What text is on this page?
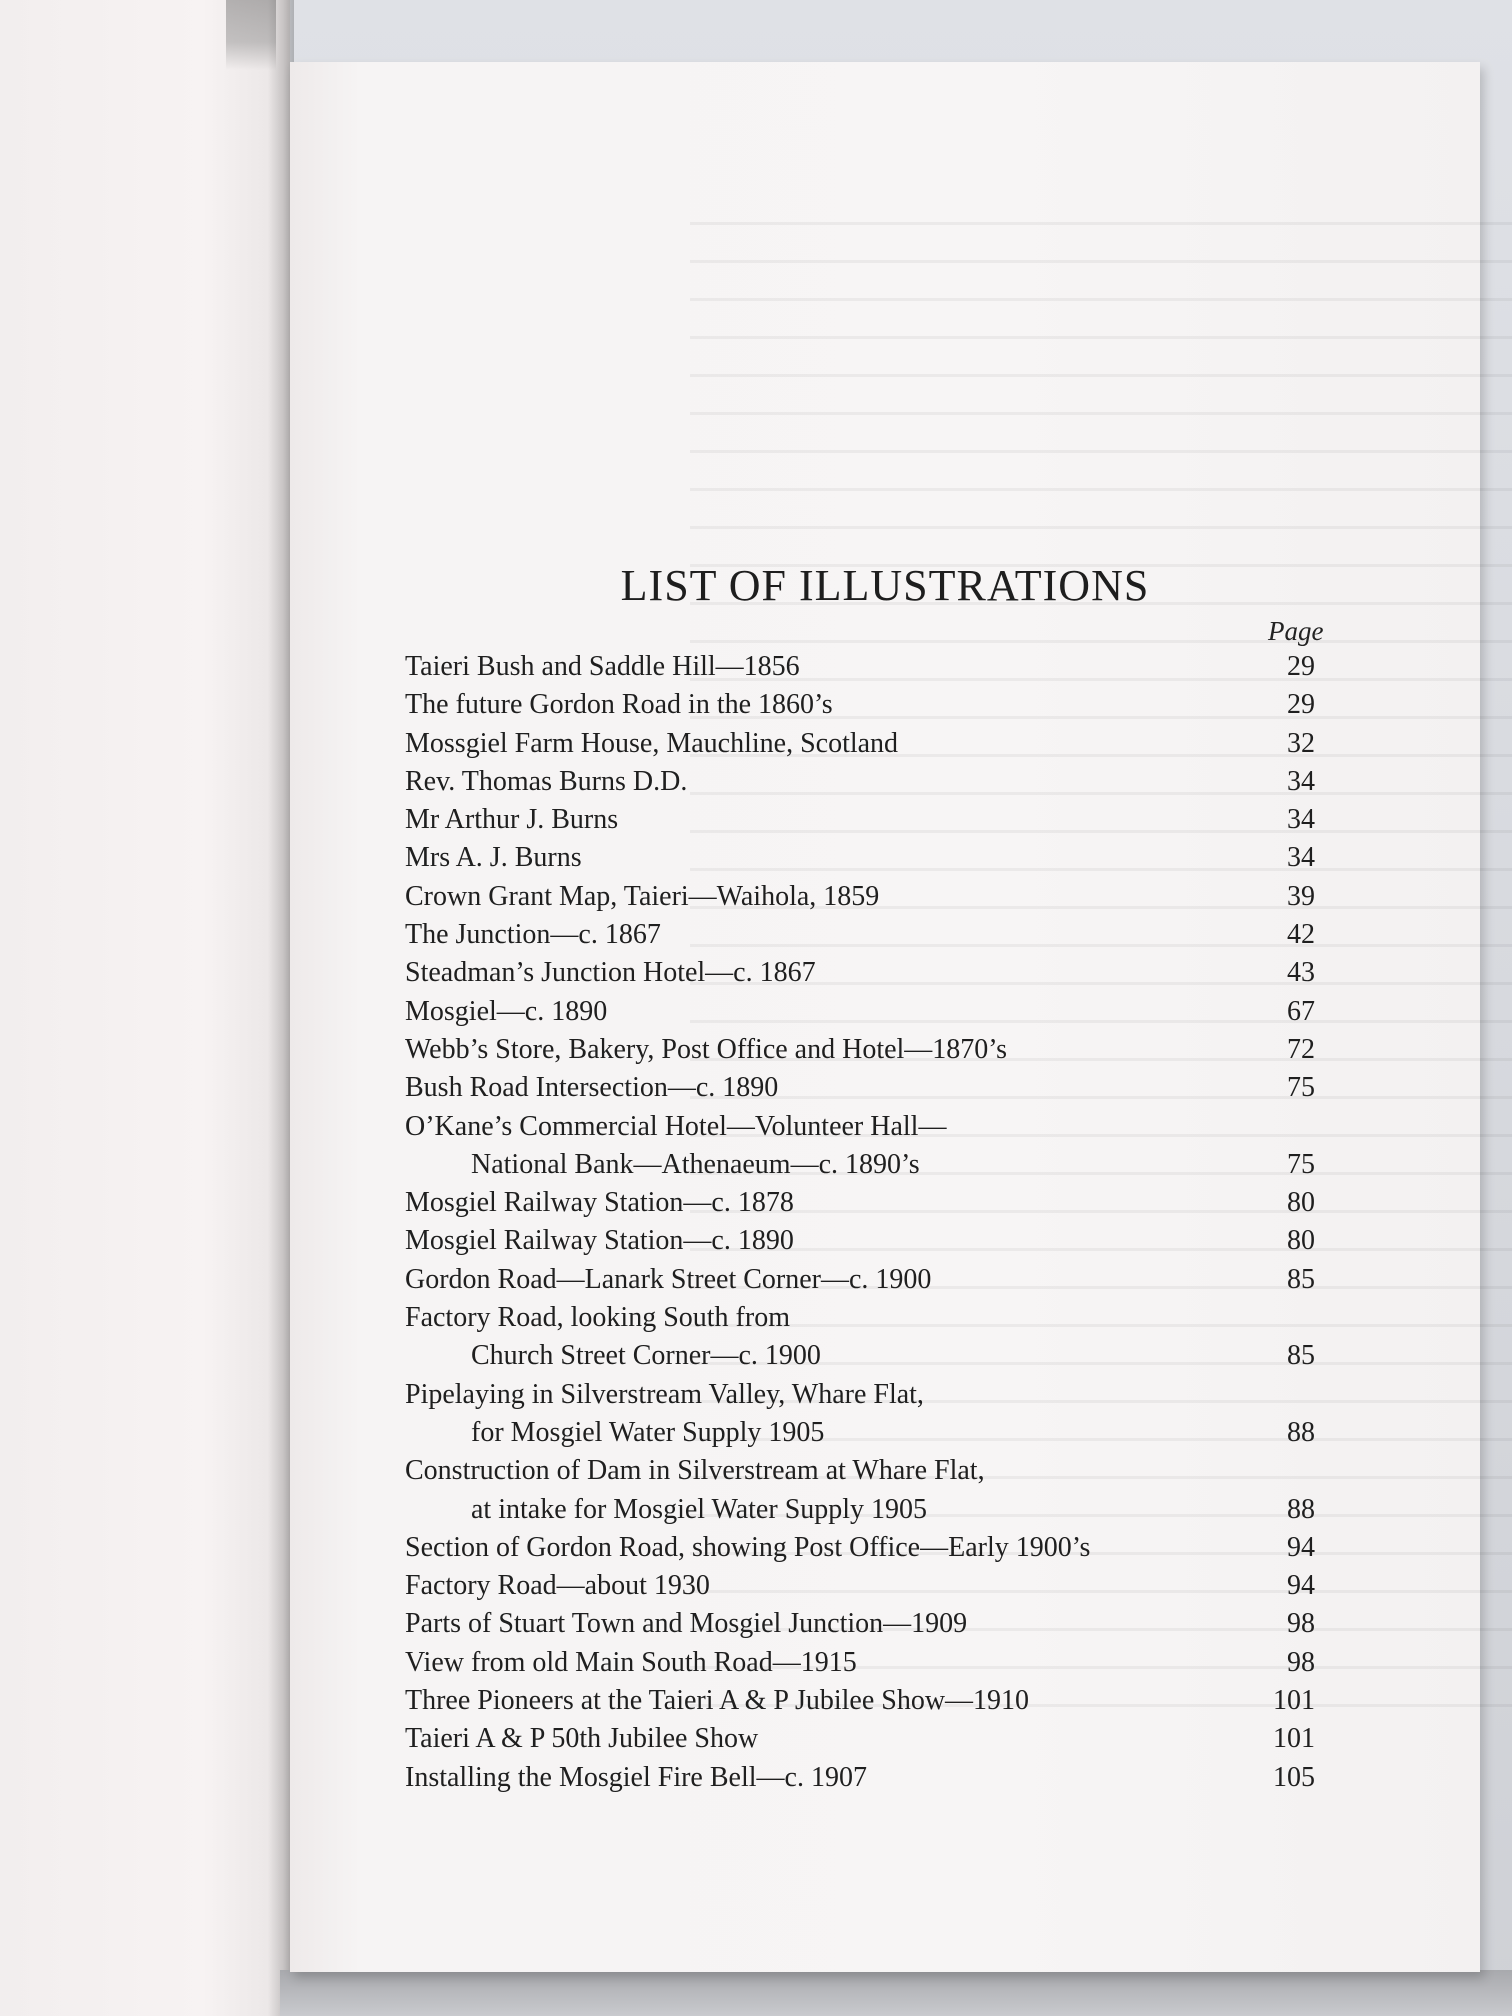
LIST OF ILLUSTRATIONS
Page
Taieri Bush and Saddle Hill—1856	29
The future Gordon Road in the 1860’s	29
Mossgiel Farm House, Mauchline, Scotland	32
Rev. Thomas Burns D.D.	34
Mr Arthur J. Burns	34
Mrs A. J. Burns	34
Crown Grant Map, Taieri—Waihola, 1859	39
The Junction—c. 1867	42
Steadman’s Junction Hotel—c. 1867	43
Mosgiel—c. 1890	67
Webb’s Store, Bakery, Post Office and Hotel—1870’s	72
Bush Road Intersection—c. 1890	75
O’Kane’s Commercial Hotel—Volunteer Hall—
National Bank—Athenaeum—c. 1890’s	75
Mosgiel Railway Station—c. 1878	80
Mosgiel Railway Station—c. 1890	80
Gordon Road—Lanark Street Corner—c. 1900	85
Factory Road, looking South from
Church Street Corner—c. 1900	85
Pipelaying in Silverstream Valley, Whare Flat,
for Mosgiel Water Supply 1905	88
Construction of Dam in Silverstream at Whare Flat,
at intake for Mosgiel Water Supply 1905	88
Section of Gordon Road, showing Post Office—Early 1900’s	94
Factory Road—about 1930	94
Parts of Stuart Town and Mosgiel Junction—1909	98
View from old Main South Road—1915	98
Three Pioneers at the Taieri A & P Jubilee Show—1910	101
Taieri A & P 50th Jubilee Show	101
Installing the Mosgiel Fire Bell—c. 1907	105
